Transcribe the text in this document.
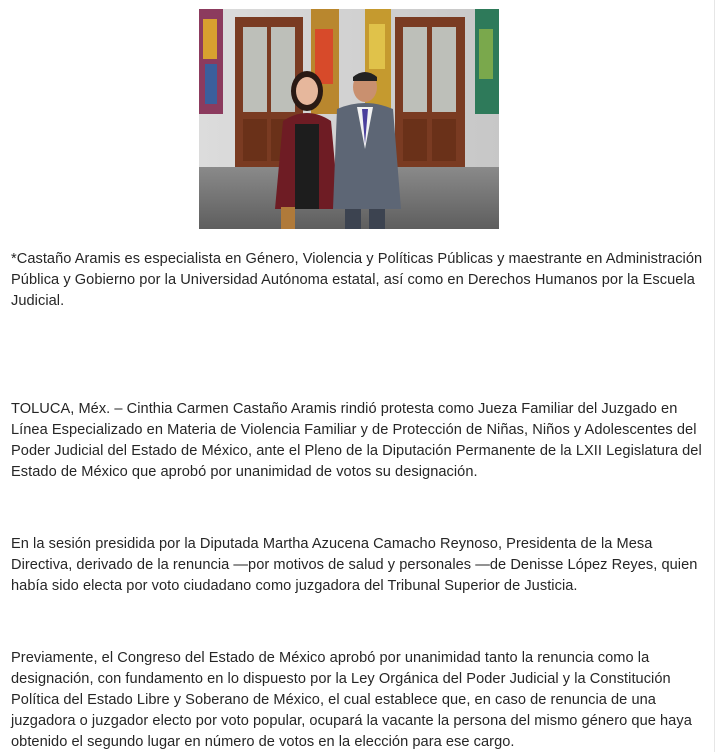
*Castaño Aramis es especialista en Género, Violencia y Políticas Públicas y maestrante en Administración Pública y Gobierno por la Universidad Autónoma estatal, así como en Derechos Humanos por la Escuela Judicial.

TOLUCA, Méx. – Cinthia Carmen Castaño Aramis rindió protesta como Jueza Familiar del Juzgado en Línea Especializado en Materia de Violencia Familiar y de Protección de Niñas, Niños y Adolescentes del Poder Judicial del Estado de México, ante el Pleno de la Diputación Permanente de la LXII Legislatura del Estado de México que aprobó por unanimidad de votos su designación.

En la sesión presidida por la Diputada Martha Azucena Camacho Reynoso, Presidenta de la Mesa Directiva, derivado de la renuncia —por motivos de salud y personales —de Denisse López Reyes, quien había sido electa por voto ciudadano como juzgadora del Tribunal Superior de Justicia.

Previamente, el Congreso del Estado de México aprobó por unanimidad tanto la renuncia como la designación, con fundamento en lo dispuesto por la Ley Orgánica del Poder Judicial y la Constitución Política del Estado Libre y Soberano de México, el cual establece que, en caso de renuncia de una juzgadora o juzgador electo por voto popular, ocupará la vacante la persona del mismo género que haya obtenido el segundo lugar en número de votos en la elección para ese cargo.
